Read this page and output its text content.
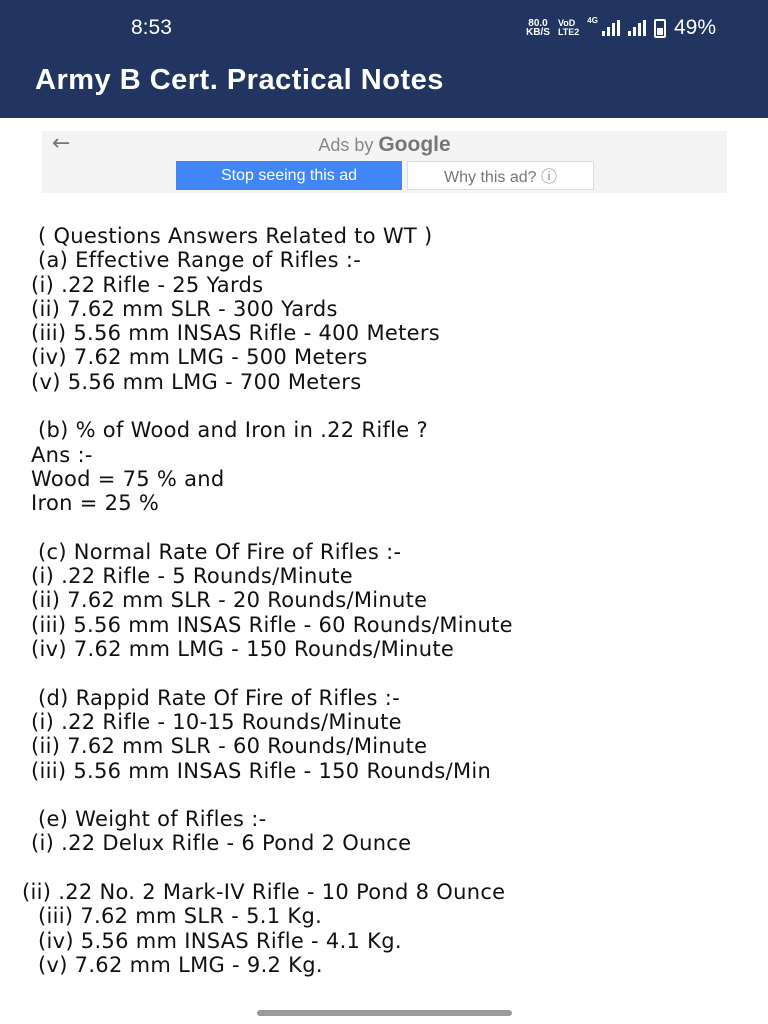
8:53	80.0
KB/S
VoD
LTE2
4G	49%
Army B Cert. Practical Notes
←	Ads by Google
Stop seeing this ad	Why this ad? ⓘ
( Questions Answers Related to WT )
(a) Effective Range of Rifles :-
(i) .22 Rifle - 25 Yards
(ii) 7.62 mm SLR - 300 Yards
(iii) 5.56 mm INSAS Rifle - 400 Meters
(iv) 7.62 mm LMG - 500 Meters
(v) 5.56 mm LMG - 700 Meters
(b) % of Wood and Iron in .22 Rifle ?
Ans :-
Wood = 75 % and
Iron = 25 %
(c) Normal Rate Of Fire of Rifles :-
(i) .22 Rifle - 5 Rounds/Minute
(ii) 7.62 mm SLR - 20 Rounds/Minute
(iii) 5.56 mm INSAS Rifle - 60 Rounds/Minute
(iv) 7.62 mm LMG - 150 Rounds/Minute
(d) Rappid Rate Of Fire of Rifles :-
(i) .22 Rifle - 10-15 Rounds/Minute
(ii) 7.62 mm SLR - 60 Rounds/Minute
(iii) 5.56 mm INSAS Rifle - 150 Rounds/Min
(e) Weight of Rifles :-
(i) .22 Delux Rifle - 6 Pond 2 Ounce
(ii) .22 No. 2 Mark-IV Rifle - 10 Pond 8 Ounce
(iii) 7.62 mm SLR - 5.1 Kg.
(iv) 5.56 mm INSAS Rifle - 4.1 Kg.
(v) 7.62 mm LMG - 9.2 Kg.
